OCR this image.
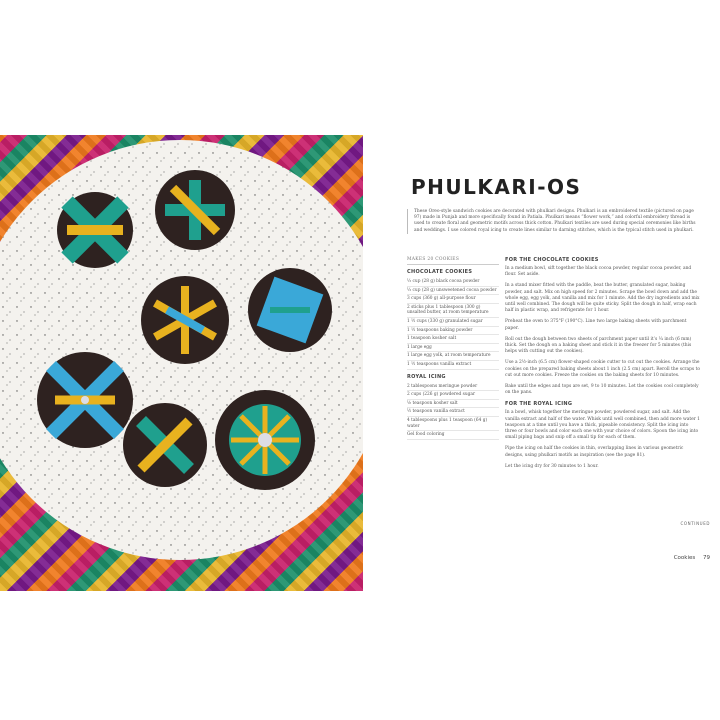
PHULKARI-OS
These Oreo-style sandwich cookies are decorated with phulkari designs. Phulkari is an embroidered textile (pictured on page 97) made in Punjab and more specifically found in Patiala. Phulkari means “flower work,” and colorful embroidery thread is used to create floral and geometric motifs across thick cotton. Phulkari textiles are used during special ceremonies like births and weddings. I use colored royal icing to create lines similar to darning stitches, which is the typical stitch used in phulkari.
MAKES 20 COOKIES
CHOCOLATE COOKIES
⅓ cup (28 g) black cocoa powder
⅓ cup (28 g) unsweetened cocoa powder
3 cups (360 g) all-purpose flour
2 sticks plus 1 tablespoon (300 g) unsalted butter, at room temperature
1 ½ cups (330 g) granulated sugar
1 ½ teaspoons baking powder
1 teaspoon kosher salt
1 large egg
1 large egg yolk, at room temperature
1 ½ teaspoons vanilla extract
ROYAL ICING
2 tablespoons meringue powder
2 cups (226 g) powdered sugar
⅛ teaspoon kosher salt
½ teaspoon vanilla extract
4 tablespoons plus 1 teaspoon (64 g) water
Gel food coloring
FOR THE CHOCOLATE COOKIES

In a medium bowl, sift together the black cocoa powder, regular cocoa powder, and flour. Set aside.

In a stand mixer fitted with the paddle, beat the butter, granulated sugar, baking powder, and salt. Mix on high speed for 2 minutes. Scrape the bowl down and add the whole egg, egg yolk, and vanilla and mix for 1 minute. Add the dry ingredients and mix until well combined. The dough will be quite sticky. Split the dough in half, wrap each half in plastic wrap, and refrigerate for 1 hour.

Preheat the oven to 375°F (190°C). Line two large baking sheets with parchment paper.

Roll out the dough between two sheets of parchment paper until it’s ¼ inch (6 mm) thick. Set the dough on a baking sheet and stick it in the freezer for 5 minutes (this helps with cutting out the cookies).

Use a 2½-inch (6.5 cm) flower-shaped cookie cutter to cut out the cookies. Arrange the cookies on the prepared baking sheets about 1 inch (2.5 cm) apart. Reroll the scraps to cut out more cookies. Freeze the cookies on the baking sheets for 10 minutes.

Bake until the edges and tops are set, 9 to 10 minutes. Let the cookies cool completely on the pans.

FOR THE ROYAL ICING

In a bowl, whisk together the meringue powder, powdered sugar, and salt. Add the vanilla extract and half of the water. Whisk until well combined, then add more water 1 teaspoon at a time until you have a thick, pipeable consistency. Split the icing into three or four bowls and color each one with your choice of colors. Spoon the icing into small piping bags and snip off a small tip for each of them.

Pipe the icing on half the cookies in thin, overlapping lines in various geometric designs, using phulkari motifs as inspiration (see the page 81).

Let the icing dry for 30 minutes to 1 hour.

CONTINUED
Cookies 79
